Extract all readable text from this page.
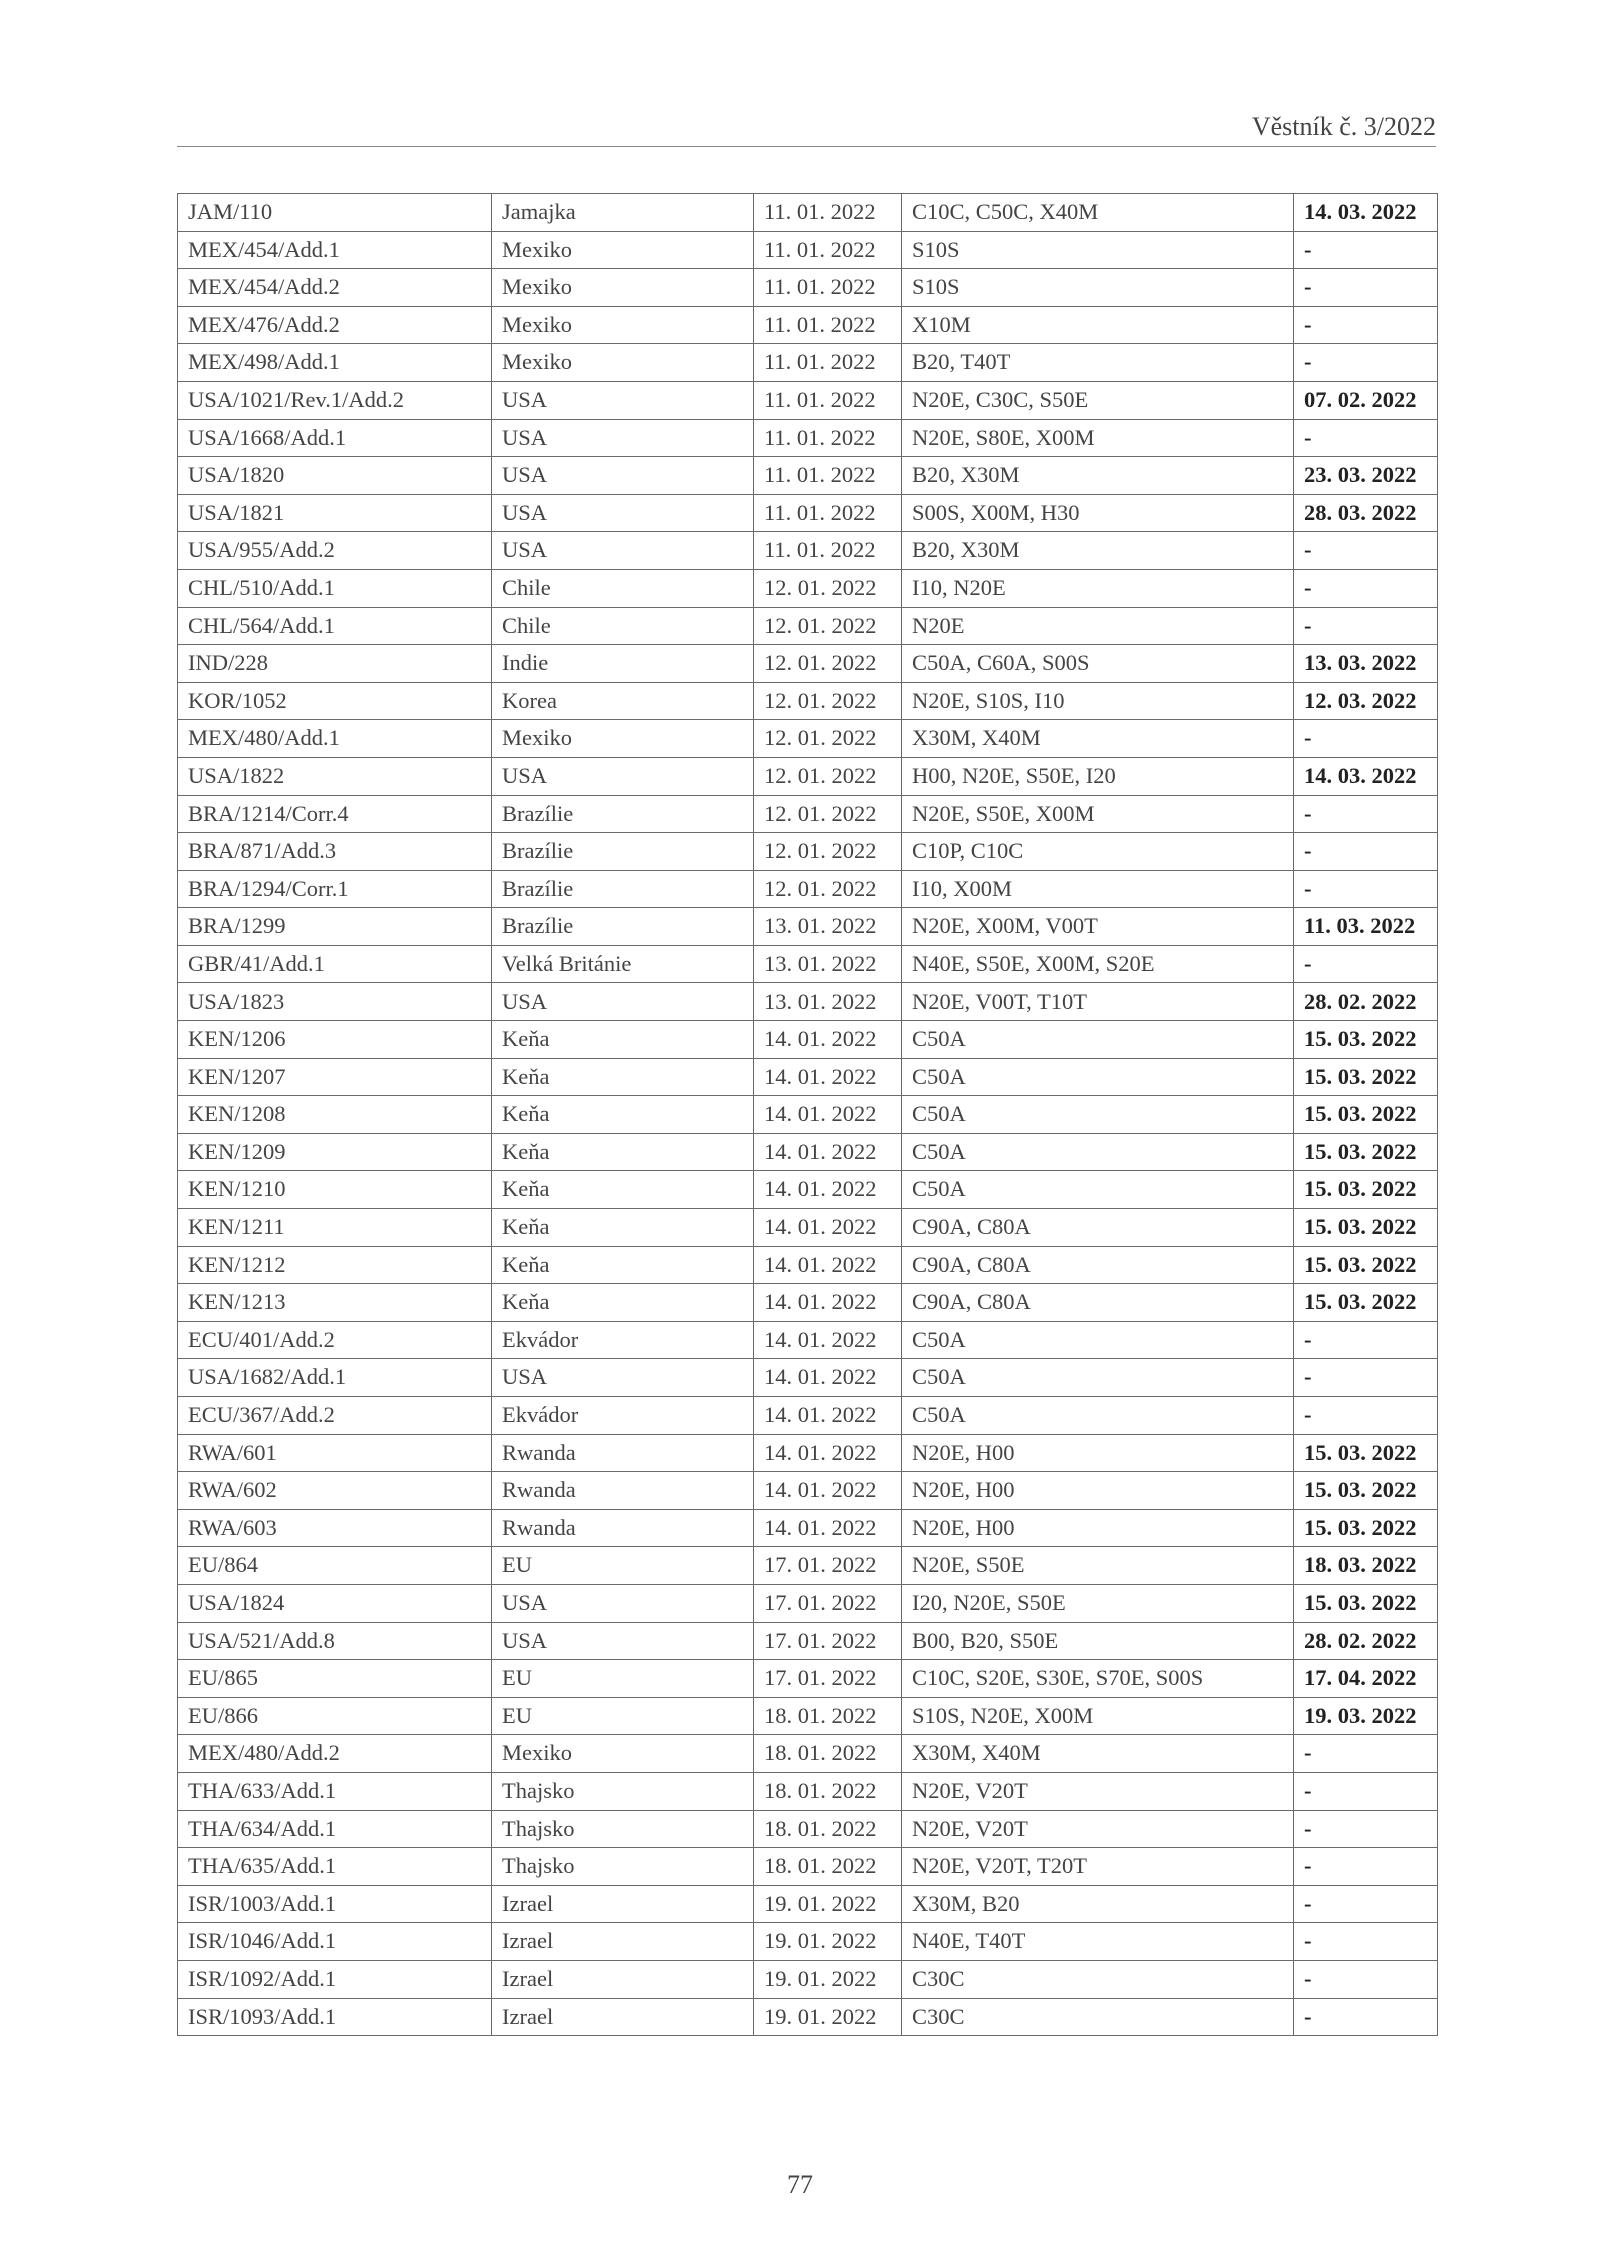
Věstník č. 3/2022
JAM/110	Jamajka	11. 01. 2022	C10C, C50C, X40M	14. 03. 2022
MEX/454/Add.1	Mexiko	11. 01. 2022	S10S	-
MEX/454/Add.2	Mexiko	11. 01. 2022	S10S	-
MEX/476/Add.2	Mexiko	11. 01. 2022	X10M	-
MEX/498/Add.1	Mexiko	11. 01. 2022	B20, T40T	-
USA/1021/Rev.1/Add.2	USA	11. 01. 2022	N20E, C30C, S50E	07. 02. 2022
USA/1668/Add.1	USA	11. 01. 2022	N20E, S80E, X00M	-
USA/1820	USA	11. 01. 2022	B20, X30M	23. 03. 2022
USA/1821	USA	11. 01. 2022	S00S, X00M, H30	28. 03. 2022
USA/955/Add.2	USA	11. 01. 2022	B20, X30M	-
CHL/510/Add.1	Chile	12. 01. 2022	I10, N20E	-
CHL/564/Add.1	Chile	12. 01. 2022	N20E	-
IND/228	Indie	12. 01. 2022	C50A, C60A, S00S	13. 03. 2022
KOR/1052	Korea	12. 01. 2022	N20E, S10S, I10	12. 03. 2022
MEX/480/Add.1	Mexiko	12. 01. 2022	X30M, X40M	-
USA/1822	USA	12. 01. 2022	H00, N20E, S50E, I20	14. 03. 2022
BRA/1214/Corr.4	Brazílie	12. 01. 2022	N20E, S50E, X00M	-
BRA/871/Add.3	Brazílie	12. 01. 2022	C10P, C10C	-
BRA/1294/Corr.1	Brazílie	12. 01. 2022	I10, X00M	-
BRA/1299	Brazílie	13. 01. 2022	N20E, X00M, V00T	11. 03. 2022
GBR/41/Add.1	Velká Británie	13. 01. 2022	N40E, S50E, X00M, S20E	-
USA/1823	USA	13. 01. 2022	N20E, V00T, T10T	28. 02. 2022
KEN/1206	Keňa	14. 01. 2022	C50A	15. 03. 2022
KEN/1207	Keňa	14. 01. 2022	C50A	15. 03. 2022
KEN/1208	Keňa	14. 01. 2022	C50A	15. 03. 2022
KEN/1209	Keňa	14. 01. 2022	C50A	15. 03. 2022
KEN/1210	Keňa	14. 01. 2022	C50A	15. 03. 2022
KEN/1211	Keňa	14. 01. 2022	C90A, C80A	15. 03. 2022
KEN/1212	Keňa	14. 01. 2022	C90A, C80A	15. 03. 2022
KEN/1213	Keňa	14. 01. 2022	C90A, C80A	15. 03. 2022
ECU/401/Add.2	Ekvádor	14. 01. 2022	C50A	-
USA/1682/Add.1	USA	14. 01. 2022	C50A	-
ECU/367/Add.2	Ekvádor	14. 01. 2022	C50A	-
RWA/601	Rwanda	14. 01. 2022	N20E, H00	15. 03. 2022
RWA/602	Rwanda	14. 01. 2022	N20E, H00	15. 03. 2022
RWA/603	Rwanda	14. 01. 2022	N20E, H00	15. 03. 2022
EU/864	EU	17. 01. 2022	N20E, S50E	18. 03. 2022
USA/1824	USA	17. 01. 2022	I20, N20E, S50E	15. 03. 2022
USA/521/Add.8	USA	17. 01. 2022	B00, B20, S50E	28. 02. 2022
EU/865	EU	17. 01. 2022	C10C, S20E, S30E, S70E, S00S	17. 04. 2022
EU/866	EU	18. 01. 2022	S10S, N20E, X00M	19. 03. 2022
MEX/480/Add.2	Mexiko	18. 01. 2022	X30M, X40M	-
THA/633/Add.1	Thajsko	18. 01. 2022	N20E, V20T	-
THA/634/Add.1	Thajsko	18. 01. 2022	N20E, V20T	-
THA/635/Add.1	Thajsko	18. 01. 2022	N20E, V20T, T20T	-
ISR/1003/Add.1	Izrael	19. 01. 2022	X30M, B20	-
ISR/1046/Add.1	Izrael	19. 01. 2022	N40E, T40T	-
ISR/1092/Add.1	Izrael	19. 01. 2022	C30C	-
ISR/1093/Add.1	Izrael	19. 01. 2022	C30C	-
77
